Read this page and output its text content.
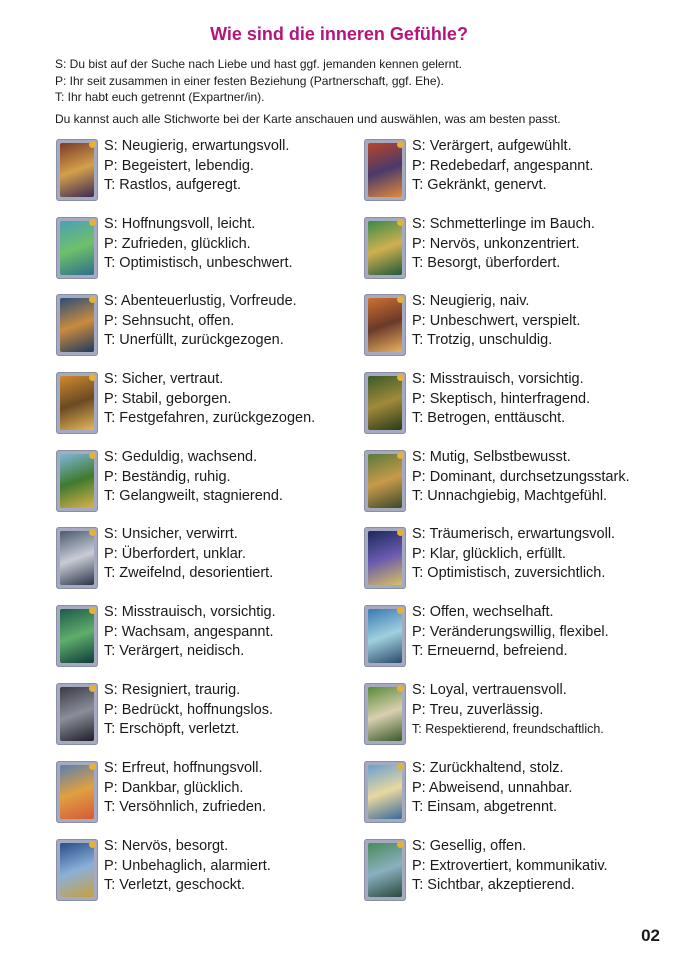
Wie sind die inneren Gefühle?
S: Du bist auf der Suche nach Liebe und hast ggf. jemanden kennen gelernt.
P: Ihr seit zusammen in einer festen Beziehung (Partnerschaft, ggf. Ehe).
T: Ihr habt euch getrennt (Expartner/in).
Du kannst auch alle Stichworte bei der Karte anschauen und auswählen, was am besten passt.
S: Neugierig, erwartungsvoll.
P: Begeistert, lebendig.
T: Rastlos, aufgeregt.
S: Hoffnungsvoll, leicht.
P: Zufrieden, glücklich.
T: Optimistisch, unbeschwert.
S: Abenteuerlustig, Vorfreude.
P: Sehnsucht, offen.
T: Unerfüllt, zurückgezogen.
S: Sicher, vertraut.
P: Stabil, geborgen.
T: Festgefahren, zurückgezogen.
S: Geduldig, wachsend.
P: Beständig, ruhig.
T: Gelangweilt, stagnierend.
S: Unsicher, verwirrt.
P: Überfordert, unklar.
T: Zweifelnd, desorientiert.
S: Misstrauisch, vorsichtig.
P: Wachsam, angespannt.
T: Verärgert, neidisch.
S: Resigniert, traurig.
P: Bedrückt, hoffnungslos.
T: Erschöpft, verletzt.
S: Erfreut, hoffnungsvoll.
P: Dankbar, glücklich.
T: Versöhnlich, zufrieden.
S: Nervös, besorgt.
P: Unbehaglich, alarmiert.
T: Verletzt, geschockt.
S: Verärgert, aufgewühlt.
P: Redebedarf, angespannt.
T: Gekränkt, genervt.
S: Schmetterlinge im Bauch.
P: Nervös, unkonzentriert.
T: Besorgt, überfordert.
S: Neugierig, naiv.
P: Unbeschwert, verspielt.
T: Trotzig, unschuldig.
S: Misstrauisch, vorsichtig.
P: Skeptisch, hinterfragend.
T: Betrogen, enttäuscht.
S: Mutig, Selbstbewusst.
P: Dominant, durchsetzungsstark.
T: Unnachgiebig, Machtgefühl.
S: Träumerisch, erwartungsvoll.
P: Klar, glücklich, erfüllt.
T: Optimistisch, zuversichtlich.
S: Offen, wechselhaft.
P: Veränderungswillig, flexibel.
T: Erneuernd, befreiend.
S: Loyal, vertrauensvoll.
P: Treu, zuverlässig.
T: Respektierend, freundschaftlich.
S: Zurückhaltend, stolz.
P: Abweisend, unnahbar.
T: Einsam, abgetrennt.
S: Gesellig, offen.
P: Extrovertiert, kommunikativ.
T: Sichtbar, akzeptierend.
02
